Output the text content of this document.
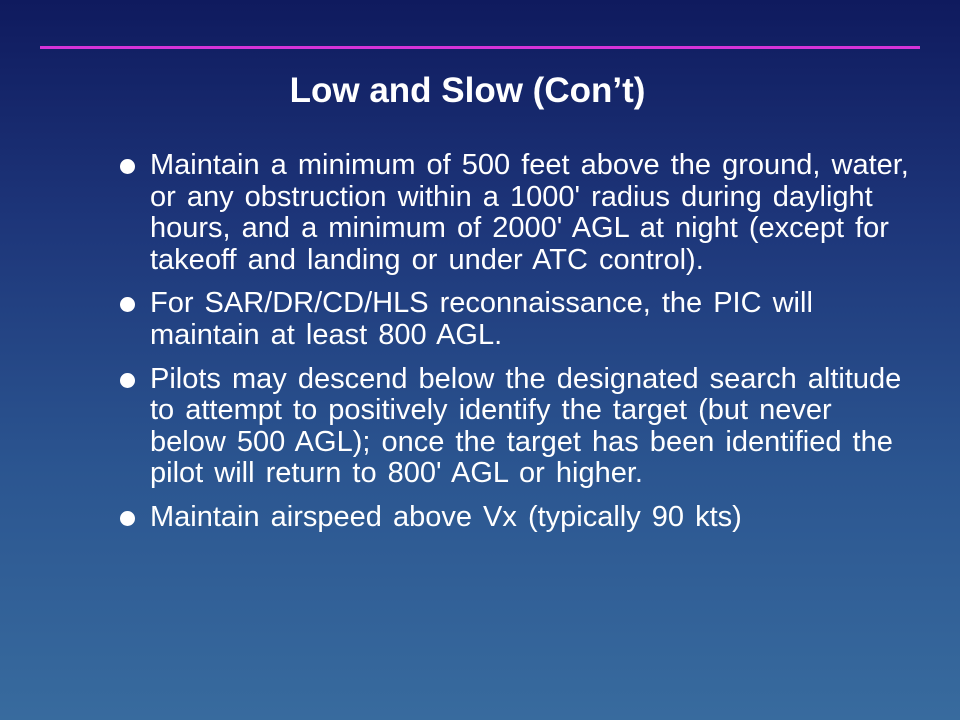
Low and Slow (Con’t)
Maintain a minimum of 500 feet above the ground, water, or any obstruction within a 1000' radius during daylight hours, and a minimum of 2000' AGL at night (except for takeoff and landing or under ATC control).
For SAR/DR/CD/HLS reconnaissance, the PIC will maintain at least 800 AGL.
Pilots may descend below the designated search altitude to attempt to positively identify the target (but never below 500 AGL); once the target has been identified the pilot will return to 800' AGL or higher.
Maintain airspeed above Vx (typically 90 kts)
